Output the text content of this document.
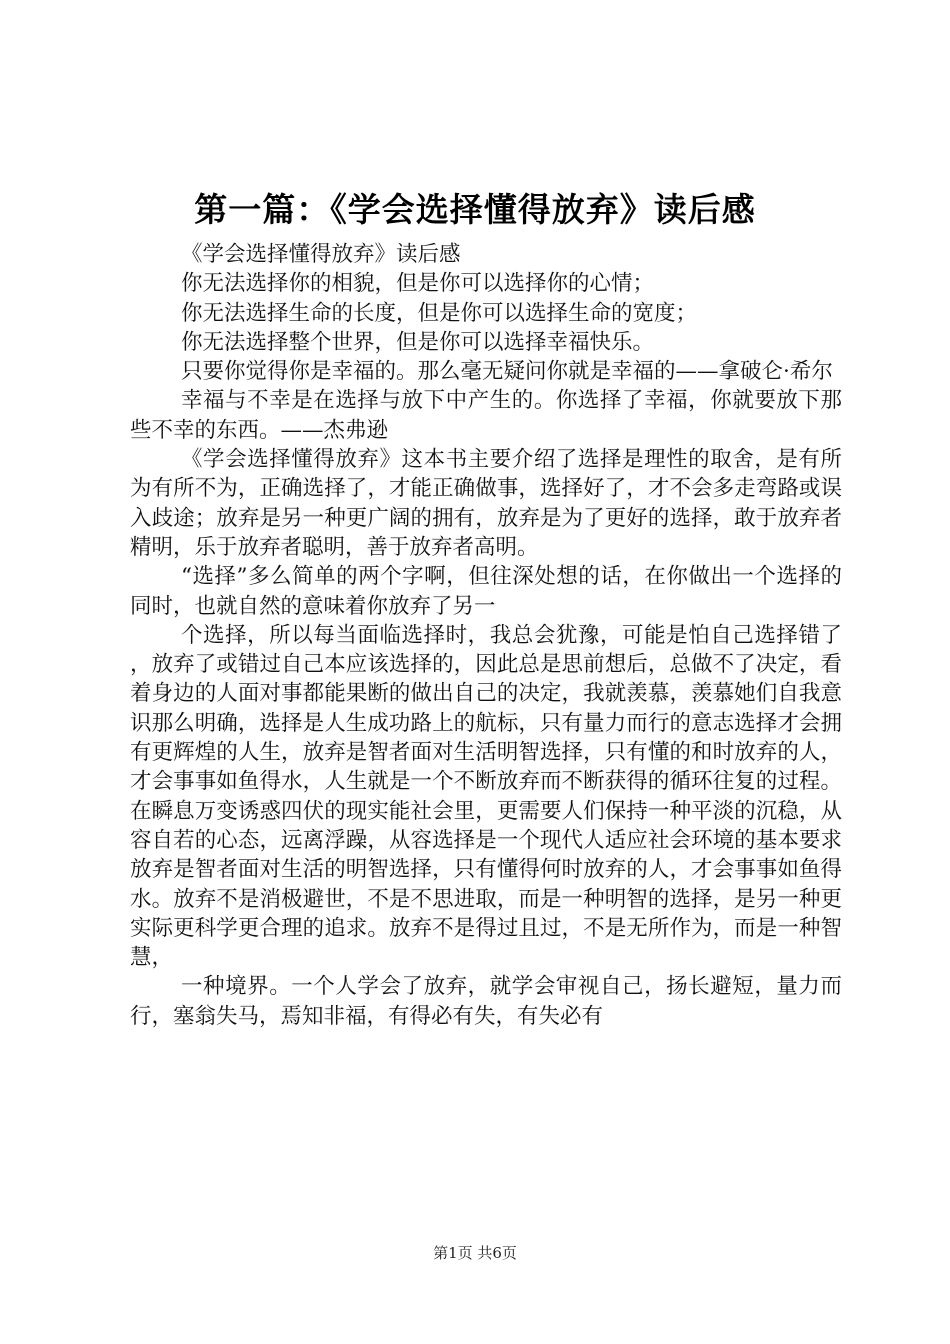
第一篇：《学会选择懂得放弃》读后感

《学会选择懂得放弃》读后感

你无法选择你的相貌，但是你可以选择你的心情；

你无法选择生命的长度，但是你可以选择生命的宽度；

你无法选择整个世界，但是你可以选择幸福快乐。

只要你觉得你是幸福的。那么毫无疑问你就是幸福的——拿破仑·希尔

幸福与不幸是在选择与放下中产生的。你选择了幸福，你就要放下那些不幸的东西。——杰弗逊

《学会选择懂得放弃》这本书主要介绍了选择是理性的取舍，是有所为有所不为，正确选择了，才能正确做事，选择好了，才不会多走弯路或误入歧途；放弃是另一种更广阔的拥有，放弃是为了更好的选择，敢于放弃者精明，乐于放弃者聪明，善于放弃者高明。

“选择”多么简单的两个字啊，但往深处想的话，在你做出一个选择的同时，也就自然的意味着你放弃了另一

个选择，所以每当面临选择时，我总会犹豫，可能是怕自己选择错了，放弃了或错过自己本应该选择的，因此总是思前想后，总做不了决定，看着身边的人面对事都能果断的做出自己的决定，我就羡慕，羡慕她们自我意识那么明确，选择是人生成功路上的航标，只有量力而行的意志选择才会拥有更辉煌的人生，放弃是智者面对生活明智选择，只有懂的和时放弃的人，才会事事如鱼得水，人生就是一个不断放弃而不断获得的循环往复的过程。在瞬息万变诱惑四伏的现实能社会里，更需要人们保持一种平淡的沉稳，从容自若的心态，远离浮躁，从容选择是一个现代人适应社会环境的基本要求放弃是智者面对生活的明智选择，只有懂得何时放弃的人，才会事事如鱼得水。放弃不是消极避世，不是不思进取，而是一种明智的选择，是另一种更实际更科学更合理的追求。放弃不是得过且过，不是无所作为，而是一种智慧，

一种境界。一个人学会了放弃，就学会审视自己，扬长避短，量力而行，塞翁失马，焉知非福，有得必有失，有失必有

第1页 共6页
